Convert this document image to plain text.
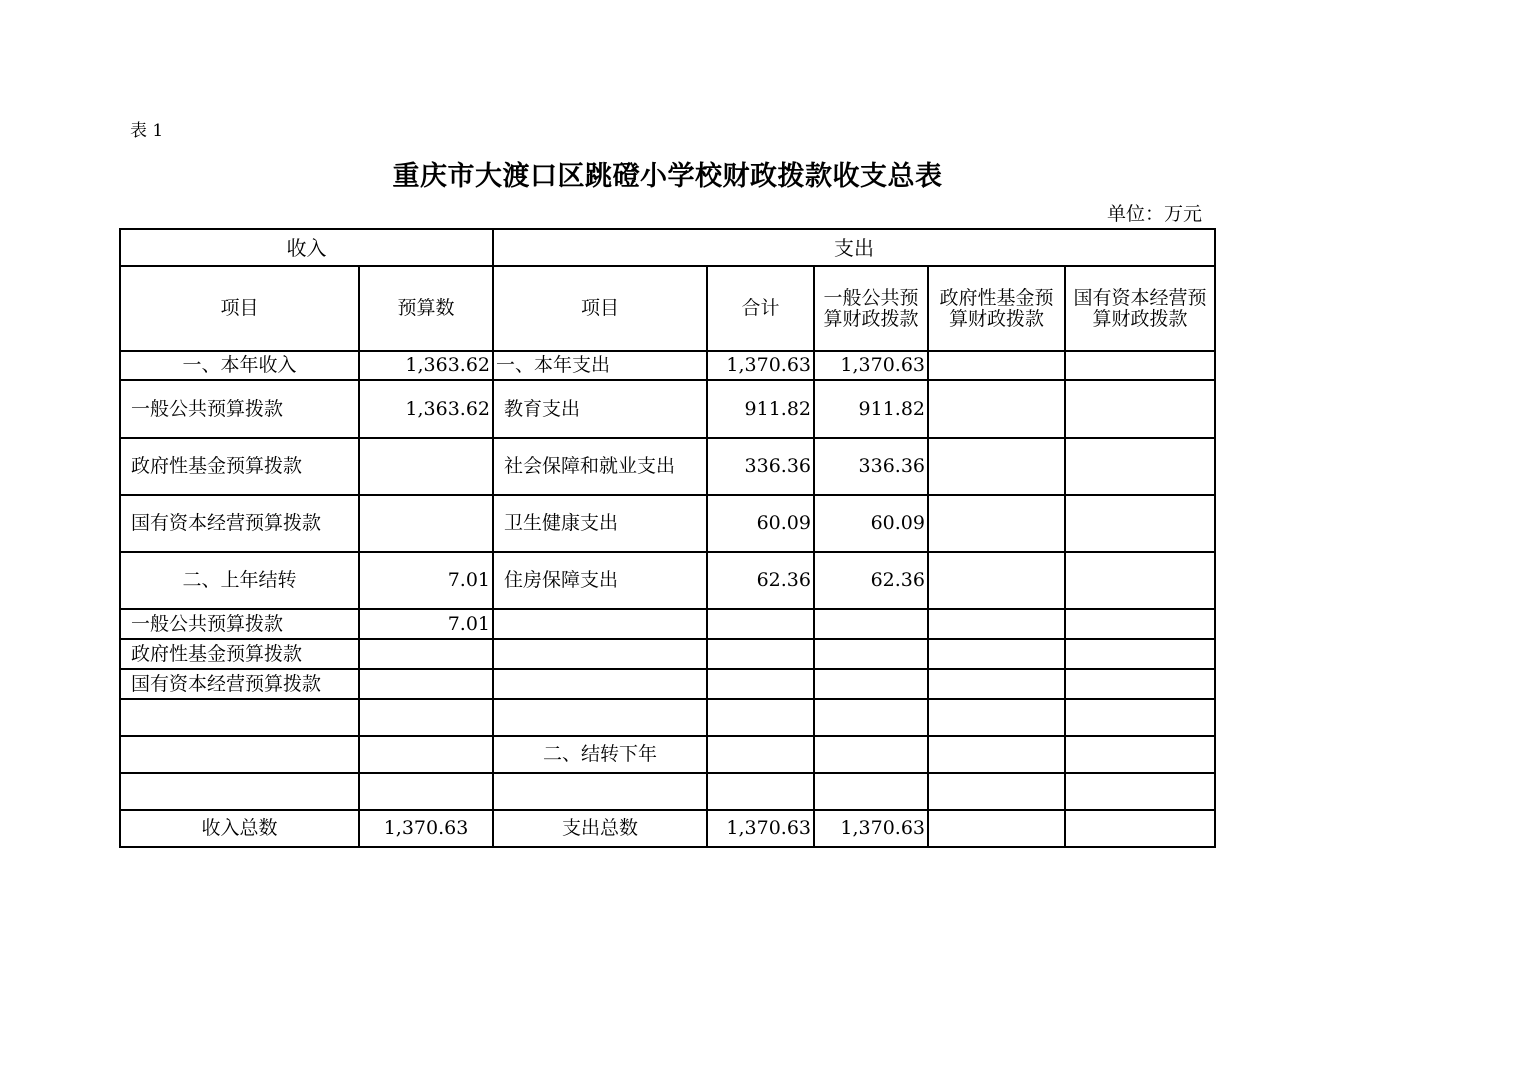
表 1
重庆市大渡口区跳磴小学校财政拨款收支总表
单位：万元
收入		支出				
项目	预算数	项目	合计	一般公共预算财政拨款	政府性基金预算财政拨款	国有资本经营预算财政拨款
一、本年收入	1,363.62	一、本年支出	1,370.63	1,370.63		
一般公共预算拨款	1,363.62	教育支出	911.82	911.82		
政府性基金预算拨款		社会保障和就业支出	336.36	336.36		
国有资本经营预算拨款		卫生健康支出	60.09	60.09		
二、上年结转	7.01	住房保障支出	62.36	62.36		
一般公共预算拨款	7.01					
政府性基金预算拨款						
国有资本经营预算拨款						

		二、结转下年				

收入总数	1,370.63	支出总数	1,370.63	1,370.63		
